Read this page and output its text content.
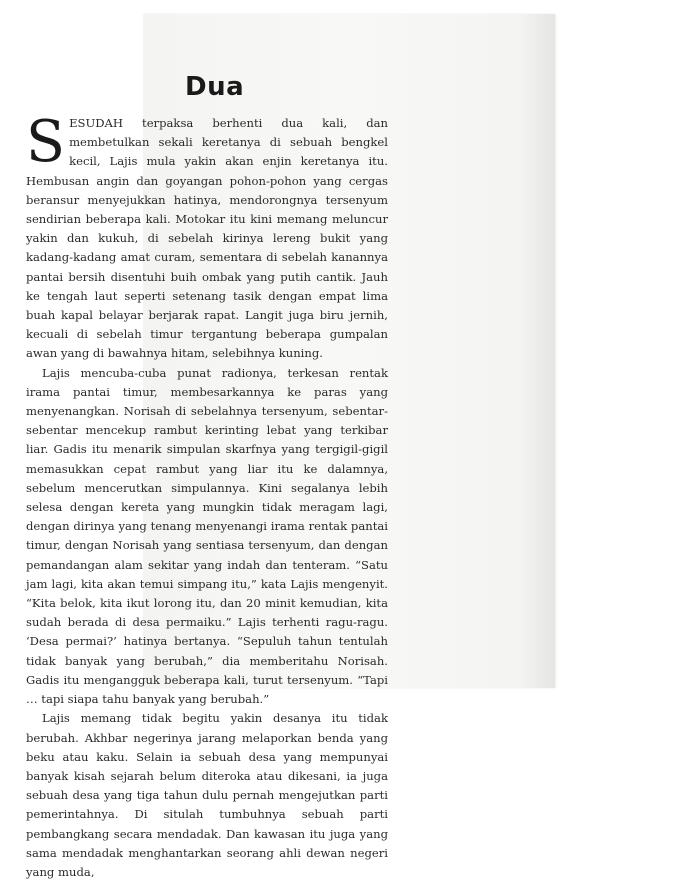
Dua

SESUDAH terpaksa berhenti dua kali, dan membetulkan sekali keretanya di sebuah bengkel kecil, Lajis mula yakin akan enjin keretanya itu. Hembusan angin dan goyangan pohon-pohon yang cergas beransur menyejukkan hatinya, mendorongnya tersenyum sendirian beberapa kali. Motokar itu kini memang meluncur yakin dan kukuh, di sebelah kirinya lereng bukit yang kadang-kadang amat curam, sementara di sebelah kanannya pantai bersih disentuhi buih ombak yang putih cantik. Jauh ke tengah laut seperti setenang tasik dengan empat lima buah kapal belayar berjarak rapat. Langit juga biru jernih, kecuali di sebelah timur tergantung beberapa gumpalan awan yang di bawahnya hitam, selebihnya kuning.

Lajis mencuba-cuba punat radionya, terkesan rentak irama pantai timur, membesarkannya ke paras yang menyenangkan. Norisah di sebelahnya tersenyum, sebentar-sebentar mencekup rambut kerinting lebat yang terkibar liar. Gadis itu menarik simpulan skarfnya yang tergigil-gigil memasukkan cepat rambut yang liar itu ke dalamnya, sebelum mencerutkan simpulannya. Kini segalanya lebih selesa dengan kereta yang mungkin tidak meragam lagi, dengan dirinya yang tenang menyenangi irama rentak pantai timur, dengan Norisah yang sentiasa tersenyum, dan dengan pemandangan alam sekitar yang indah dan tenteram. “Satu jam lagi, kita akan temui simpang itu,” kata Lajis mengenyit. “Kita belok, kita ikut lorong itu, dan 20 minit kemudian, kita sudah berada di desa permaiku.” Lajis terhenti ragu-ragu. ‘Desa permai?’ hatinya bertanya. “Sepuluh tahun tentulah tidak banyak yang berubah,” dia memberitahu Norisah. Gadis itu mengangguk beberapa kali, turut tersenyum. “Tapi … tapi siapa tahu banyak yang berubah.”

Lajis memang tidak begitu yakin desanya itu tidak berubah. Akhbar negerinya jarang melaporkan benda yang beku atau kaku. Selain ia sebuah desa yang mempunyai banyak kisah sejarah belum diteroka atau dikesani, ia juga sebuah desa yang tiga tahun dulu pernah mengejutkan parti pemerintahnya. Di situlah tumbuhnya sebuah parti pembangkang secara mendadak. Dan kawasan itu juga yang sama mendadak menghantarkan seorang ahli dewan negeri yang muda,
